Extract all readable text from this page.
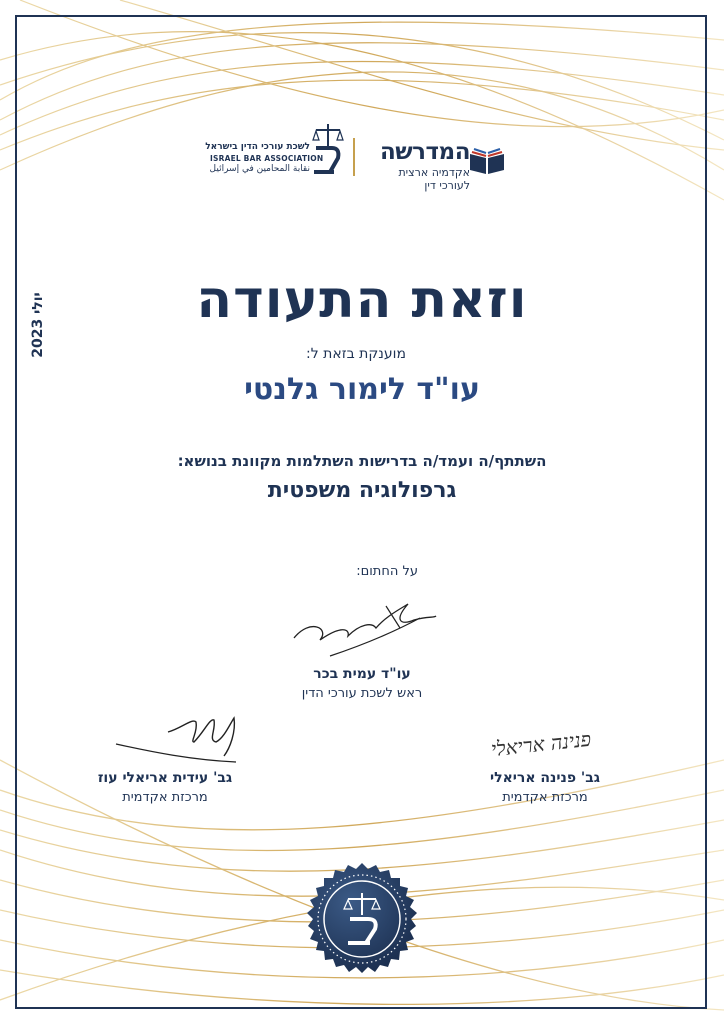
המדרשה
אקדמיה ארצית לעורכי דין
לשכת עורכי הדין בישראל
ISRAEL BAR ASSOCIATION
نقابة المحامين في إسرائيل
יולי 2023	וזאת התעודה
מוענקת בזאת ל:
עו"ד לימור גלנטי
השתתף/ה ועמד/ה בדרישות השתלמות מקוונת בנושא:
גרפולוגיה משפטית
על החתום:
עו"ד עמית בכר
ראש לשכת עורכי הדין
גב' עידית אריאלי עוז
מרכזת אקדמית
פנינה אריאלי
גב' פנינה אריאלי
מרכזת אקדמית
